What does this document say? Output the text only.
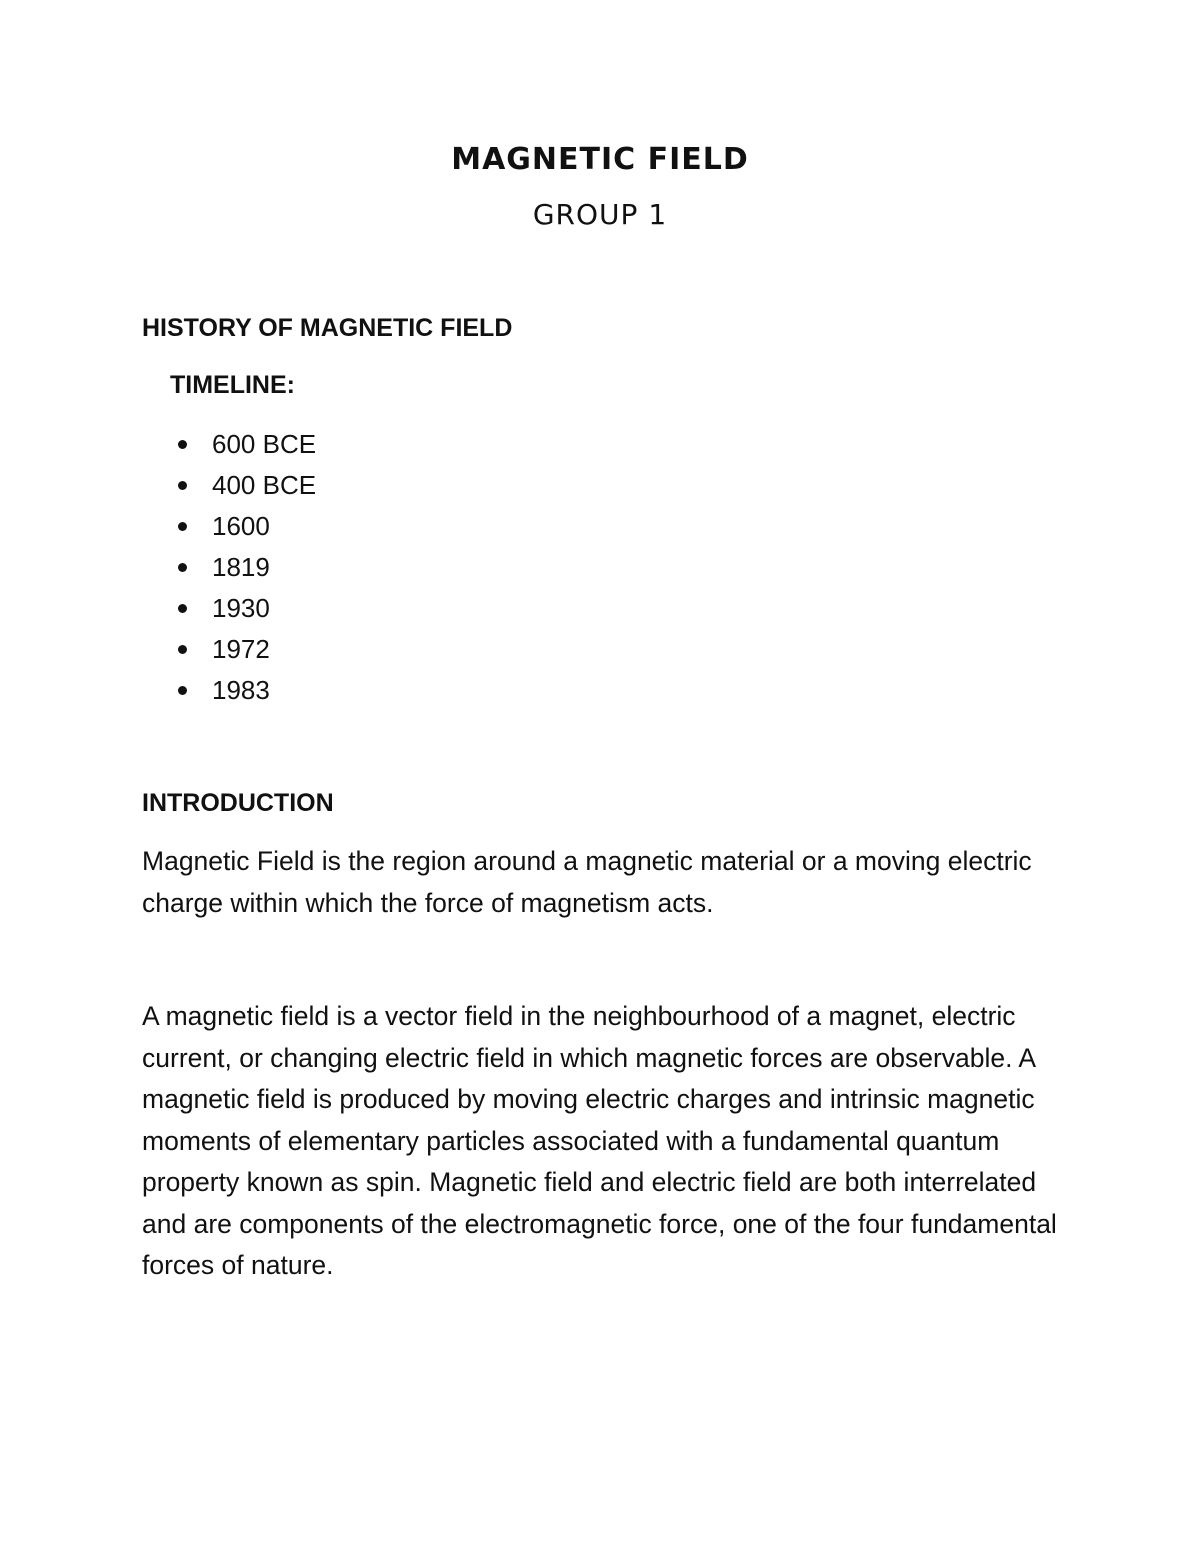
MAGNETIC FIELD
GROUP 1
HISTORY OF MAGNETIC FIELD
TIMELINE:
600 BCE
400 BCE
1600
1819
1930
1972
1983
INTRODUCTION

Magnetic Field is the region around a magnetic material or a moving electric charge within which the force of magnetism acts.

A magnetic field is a vector field in the neighbourhood of a magnet, electric current, or changing electric field in which magnetic forces are observable. A magnetic field is produced by moving electric charges and intrinsic magnetic moments of elementary particles associated with a fundamental quantum property known as spin. Magnetic field and electric field are both interrelated and are components of the electromagnetic force, one of the four fundamental forces of nature.
